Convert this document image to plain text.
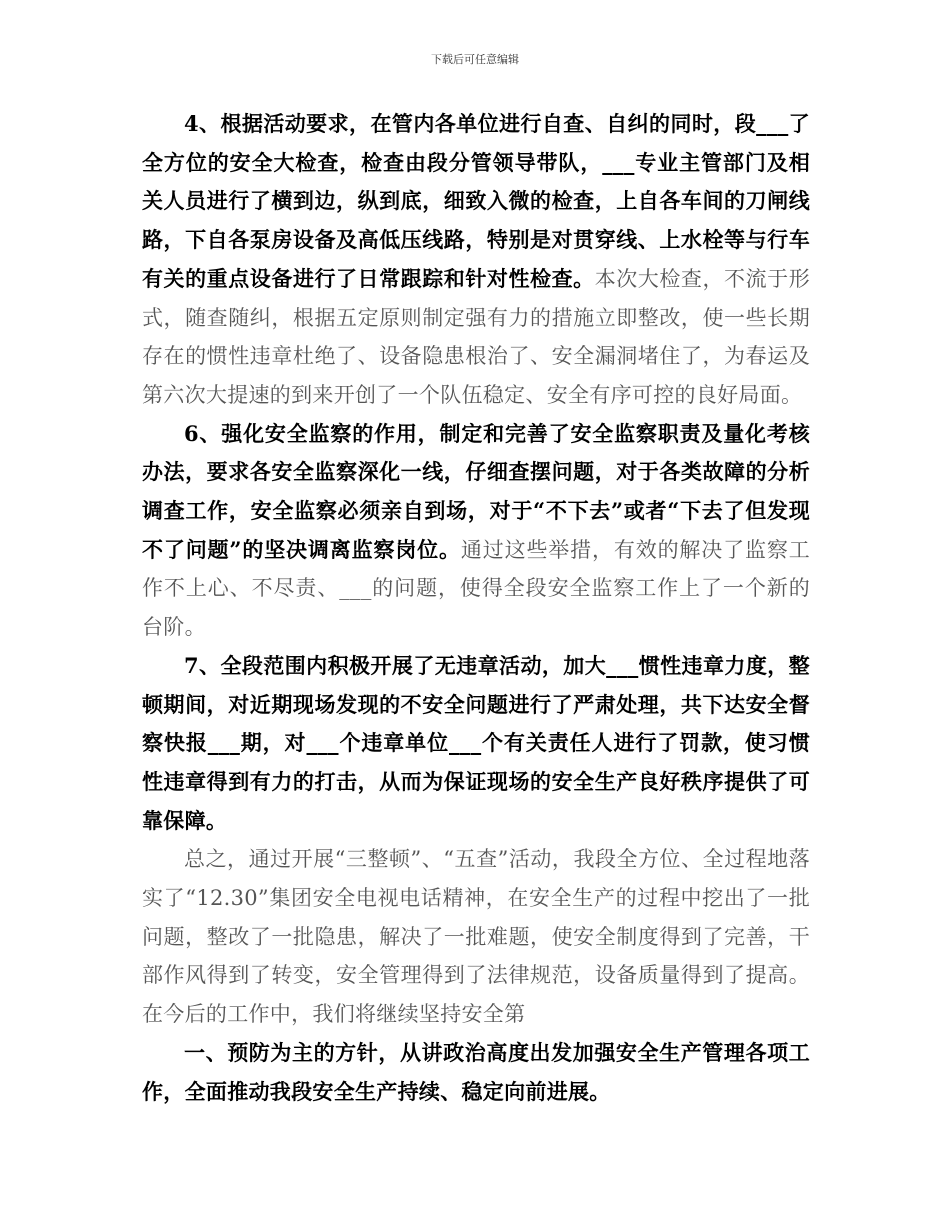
下载后可任意编辑

4、根据活动要求，在管内各单位进行自查、自纠的同时，段___了全方位的安全大检查，检查由段分管领导带队，___专业主管部门及相关人员进行了横到边，纵到底，细致入微的检查，上自各车间的刀闸线路，下自各泵房设备及高低压线路，特别是对贯穿线、上水栓等与行车有关的重点设备进行了日常跟踪和针对性检查。本次大检查，不流于形式，随查随纠，根据五定原则制定强有力的措施立即整改，使一些长期存在的惯性违章杜绝了、设备隐患根治了、安全漏洞堵住了，为春运及第六次大提速的到来开创了一个队伍稳定、安全有序可控的良好局面。

6、强化安全监察的作用，制定和完善了安全监察职责及量化考核办法，要求各安全监察深化一线，仔细查摆问题，对于各类故障的分析调查工作，安全监察必须亲自到场，对于“不下去”或者“下去了但发现不了问题”的坚决调离监察岗位。通过这些举措，有效的解决了监察工作不上心、不尽责、___的问题，使得全段安全监察工作上了一个新的台阶。

7、全段范围内积极开展了无违章活动，加大___惯性违章力度，整顿期间，对近期现场发现的不安全问题进行了严肃处理，共下达安全督察快报___期，对___个违章单位___个有关责任人进行了罚款，使习惯性违章得到有力的打击，从而为保证现场的安全生产良好秩序提供了可靠保障。

总之，通过开展“三整顿”、“五查”活动，我段全方位、全过程地落实了“12.30”集团安全电视电话精神，在安全生产的过程中挖出了一批问题，整改了一批隐患，解决了一批难题，使安全制度得到了完善，干部作风得到了转变，安全管理得到了法律规范，设备质量得到了提高。在今后的工作中，我们将继续坚持安全第

一、预防为主的方针，从讲政治高度出发加强安全生产管理各项工作，全面推动我段安全生产持续、稳定向前进展。
